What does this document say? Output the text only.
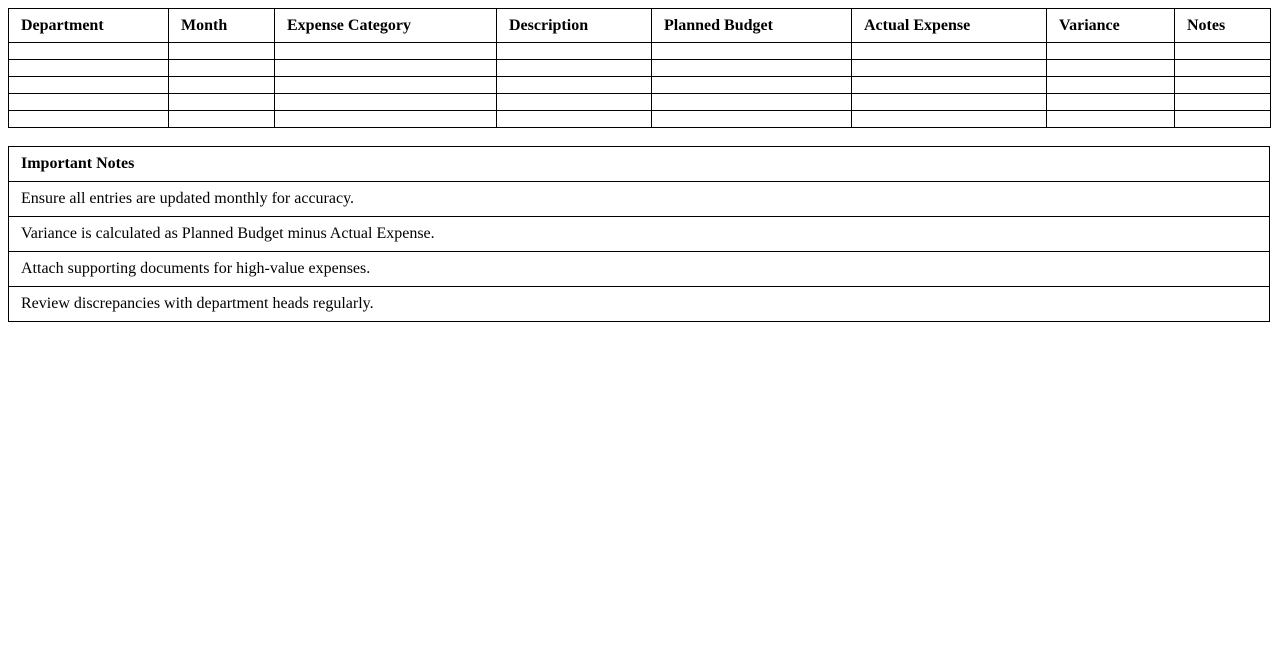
Department	Month	Expense Category	Description	Planned Budget	Actual Expense	Variance	Notes

Important Notes
Ensure all entries are updated monthly for accuracy.
Variance is calculated as Planned Budget minus Actual Expense.
Attach supporting documents for high-value expenses.
Review discrepancies with department heads regularly.
